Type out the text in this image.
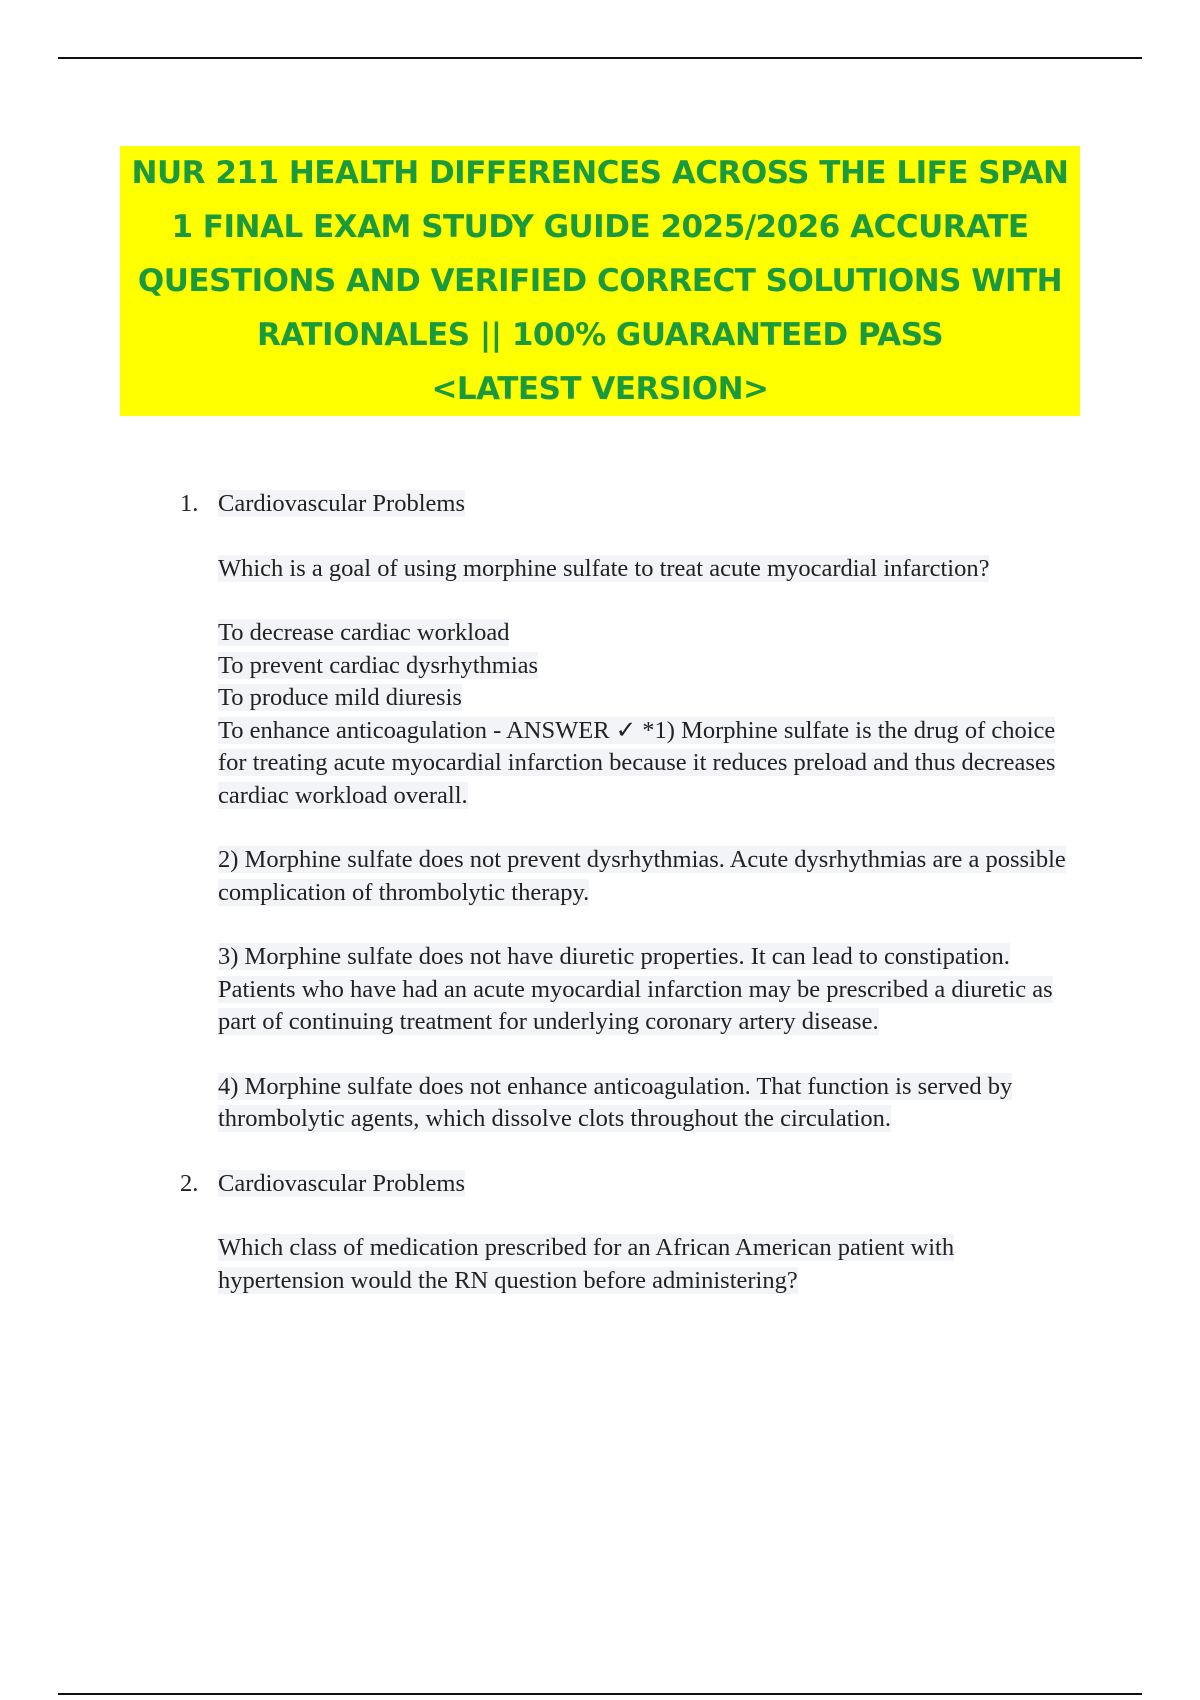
NUR 211 HEALTH DIFFERENCES ACROSS THE LIFE SPAN
1 FINAL EXAM STUDY GUIDE 2025/2026 ACCURATE
QUESTIONS AND VERIFIED CORRECT SOLUTIONS WITH
RATIONALES || 100% GUARANTEED PASS
<LATEST VERSION>
1. Cardiovascular Problems

Which is a goal of using morphine sulfate to treat acute myocardial infarction?

To decrease cardiac workload
To prevent cardiac dysrhythmias
To produce mild diuresis
To enhance anticoagulation - ANSWER ✓ *1) Morphine sulfate is the drug of choice for treating acute myocardial infarction because it reduces preload and thus decreases cardiac workload overall.

2) Morphine sulfate does not prevent dysrhythmias. Acute dysrhythmias are a possible complication of thrombolytic therapy.

3) Morphine sulfate does not have diuretic properties. It can lead to constipation. Patients who have had an acute myocardial infarction may be prescribed a diuretic as part of continuing treatment for underlying coronary artery disease.

4) Morphine sulfate does not enhance anticoagulation. That function is served by thrombolytic agents, which dissolve clots throughout the circulation.

2. Cardiovascular Problems

Which class of medication prescribed for an African American patient with hypertension would the RN question before administering?
